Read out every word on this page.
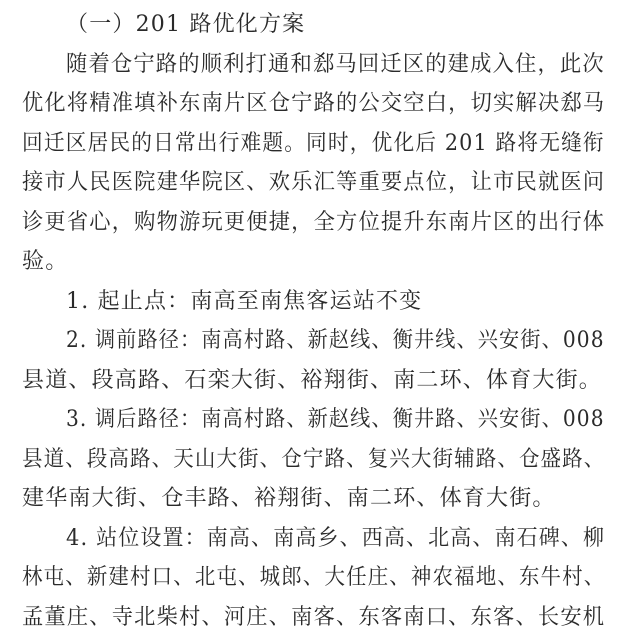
（一）201 路优化方案
随着仓宁路的顺利打通和郄马回迁区的建成入住，此次
优化将精准填补东南片区仓宁路的公交空白，切实解决郄马
回迁区居民的日常出行难题。同时，优化后 201 路将无缝衔
接市人民医院建华院区、欢乐汇等重要点位，让市民就医问
诊更省心，购物游玩更便捷，全方位提升东南片区的出行体
验。
1. 起止点：南高至南焦客运站不变
2. 调前路径：南高村路、新赵线、衡井线、兴安街、008
县道、段高路、石栾大街、裕翔街、南二环、体育大街。
3. 调后路径：南高村路、新赵线、衡井路、兴安街、008
县道、段高路、天山大街、仓宁路、复兴大街辅路、仓盛路、
建华南大街、仓丰路、裕翔街、南二环、体育大街。
4. 站位设置：南高、南高乡、西高、北高、南石碑、柳
林屯、新建村口、北屯、城郎、大任庄、神农福地、东牛村、
孟董庄、寺北柴村、河庄、南客、东客南口、东客、长安机
